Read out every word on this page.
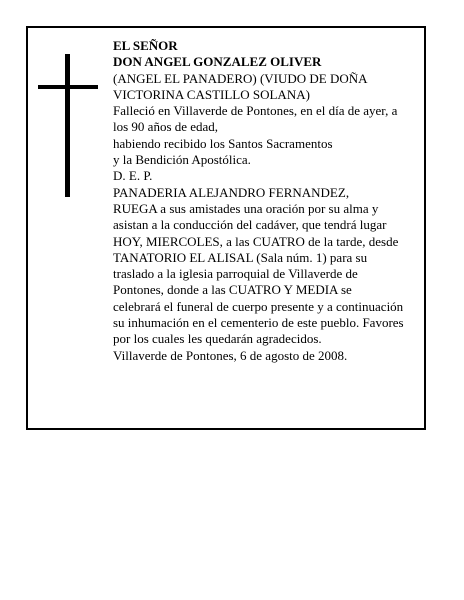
EL SEÑOR
DON ANGEL GONZALEZ OLIVER
(ANGEL EL PANADERO) (VIUDO DE DOÑA
VICTORINA CASTILLO SOLANA)
Falleció en Villaverde de Pontones, en el día de ayer, a
los 90 años de edad,
habiendo recibido los Santos Sacramentos
y la Bendición Apostólica.
D. E. P.
PANADERIA ALEJANDRO FERNANDEZ,
RUEGA a sus amistades una oración por su alma y
asistan a la conducción del cadáver, que tendrá lugar
HOY, MIERCOLES, a las CUATRO de la tarde, desde
TANATORIO EL ALISAL (Sala núm. 1) para su
traslado a la iglesia parroquial de Villaverde de
Pontones, donde a las CUATRO Y MEDIA se
celebrará el funeral de cuerpo presente y a continuación
su inhumación en el cementerio de este pueblo. Favores
por los cuales les quedarán agradecidos.
Villaverde de Pontones, 6 de agosto de 2008.
